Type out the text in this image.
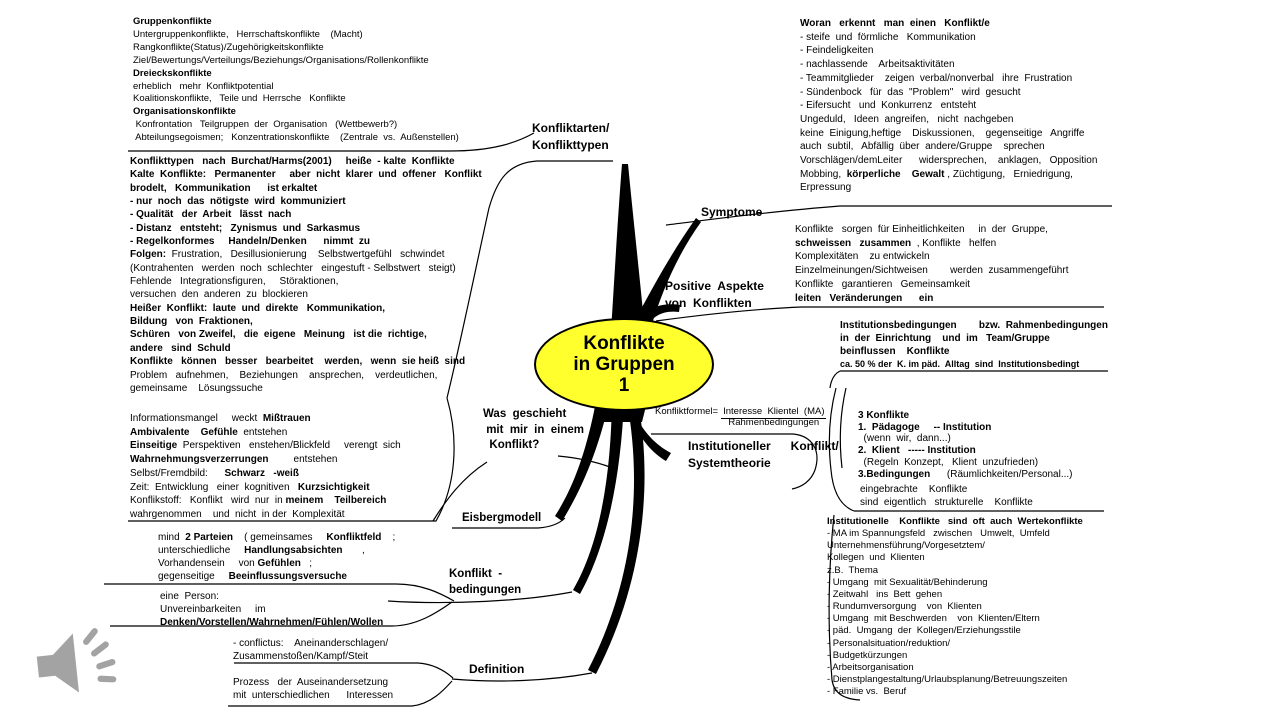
Konflikte
in Gruppen
1
Konfliktarten/
Konflikttypen
Symptome
Positive  Aspekte
von  Konflikten
Was  geschieht
mit  mir  in  einem
Konflikt?
Eisbergmodell
Konflikt  -
bedingungen
Definition
Institutioneller      Konflikt/
Systemtheorie
Gruppenkonflikte
Untergruppenkonflikte,   Herrschaftskonflikte    (Macht)
Rangkonflikte(Status)/Zugehörigkeitskonflikte
Ziel/Bewertungs/Verteilungs/Beziehungs/Organisations/Rollenkonflikte
Dreieckskonflikte
erheblich   mehr  Konfliktpotential
Koalitionskonflikte,   Teile und  Herrsche   Konflikte
Organisationskonflikte
Konfrontation   Teilgruppen  der  Organisation   (Wettbewerb?)
Abteilungsegoismen;   Konzentrationskonflikte    (Zentrale  vs.  Außenstellen)
Konflikttypen   nach  Burchat/Harms(2001)     heiße  - kalte  Konflikte
Kalte  Konflikte:   Permanenter     aber  nicht  klarer  und  offener   Konflikt
brodelt,   Kommunikation      ist erkaltet
- nur  noch  das  nötigste  wird  kommuniziert
- Qualität   der  Arbeit   lässt  nach
- Distanz   entsteht;   Zynismus  und  Sarkasmus
- Regelkonformes     Handeln/Denken      nimmt  zu
Folgen:  Frustration,   Desillusionierung    Selbstwertgefühl   schwindet
(Kontrahenten   werden  noch  schlechter   eingestuft - Selbstwert   steigt)
Fehlende   Integrationsfiguren,     Störaktionen,
versuchen  den  anderen  zu  blockieren
Heißer  Konflikt:  laute  und  direkte   Kommunikation,
Bildung   von  Fraktionen,
Schüren   von Zweifel,   die  eigene   Meinung   ist die  richtige,
andere   sind  Schuld
Konflikte   können   besser   bearbeitet    werden,   wenn  sie heiß  sind
Problem   aufnehmen,    Beziehungen    ansprechen,    verdeutlichen,
gemeinsame    Lösungssuche
Informationsmangel     weckt  Mißtrauen
Ambivalente    Gefühle  entstehen
Einseitige  Perspektiven   enstehen/Blickfeld     verengt  sich
Wahrnehmungsverzerrungen         entstehen
Selbst/Fremdbild:      Schwarz   -weiß
Zeit:  Entwicklung   einer  kognitiven   Kurzsichtigkeit
Konflikstoff:   Konflikt   wird  nur  in meinem    Teilbereich
wahrgenommen    und  nicht  in der  Komplexität
mind  2 Parteien    ( gemeinsames     Konfliktfeld    ;
unterschiedliche     Handlungsabsichten       ,
Vorhandensein     von Gefühlen   ;
gegenseitige     Beeinflussungsversuche
eine  Person:
Unvereinbarkeiten     im
Denken/Vorstellen/Wahrnehmen/Fühlen/Wollen
- conflictus:    Aneinanderschlagen/
Zusammenstoßen/Kampf/Steit
Prozess   der  Auseinandersetzung
mit  unterschiedlichen      Interessen
Woran   erkennt   man  einen   Konflikt/e
- steife  und  förmliche   Kommunikation
- Feindeligkeiten
- nachlassende    Arbeitsaktivitäten
- Teammitglieder    zeigen  verbal/nonverbal   ihre  Frustration
- Sündenbock   für  das  "Problem"   wird  gesucht
- Eifersucht   und  Konkurrenz   entsteht
Ungeduld,   Ideen  angreifen,   nicht  nachgeben
keine  Einigung,heftige    Diskussionen,    gegenseitige   Angriffe
auch  subtil,   Abfällig  über  andere/Gruppe    sprechen
Vorschlägen/demLeiter      widersprechen,    anklagen,   Opposition
Mobbing,  körperliche    Gewalt , Züchtigung,   Erniedrigung,
Erpressung
Konflikte   sorgen  für Einheitlichkeiten     in  der  Gruppe,
schweissen   zusammen  , Konflikte   helfen
Komplexitäten    zu entwickeln
Einzelmeinungen/Sichtweisen        werden  zusammengeführt
Konflikte   garantieren   Gemeinsamkeit
leiten   Veränderungen      ein
Institutionsbedingungen        bzw.  Rahmenbedingungen
in  der  Einrichtung    und  im   Team/Gruppe
beinflussen    Konflikte
ca. 50 % der  K. im päd.  Alltag  sind  Institutionsbedingt
3 Konflikte
1.  Pädagoge     -- Institution
(wenn  wir,  dann...)
2.  Klient   ----- Institution
(Regeln  Konzept,   Klient  unzufrieden)
3.Bedingungen      (Räumlichkeiten/Personal...)
eingebrachte    Konflikte
sind  eigentlich   strukturelle    Konflikte
Institutionelle    Konflikte   sind  oft  auch  Wertekonflikte
- MA im Spannungsfeld   zwischen   Umwelt,  Umfeld
Unternehmensführung/Vorgesetztem/
Kollegen  und  Klienten
z.B.  Thema
- Umgang  mit Sexualität/Behinderung
- Zeitwahl   ins  Bett  gehen
- Rundumversorgung    von  Klienten
- Umgang  mit Beschwerden    von  Klienten/Eltern
- päd.  Umgang  der  Kollegen/Erziehungsstile
- Personalsituation/reduktion/
- Budgetkürzungen
- Arbeitsorganisation
- Dienstplangestaltung/Urlaubsplanung/Betreuungszeiten
- Familie vs.  Beruf
Konfliktformel= $\frac{\text{Interesse  Klientel  (MA)}}{\text{Rahmenbedingungen}}$
